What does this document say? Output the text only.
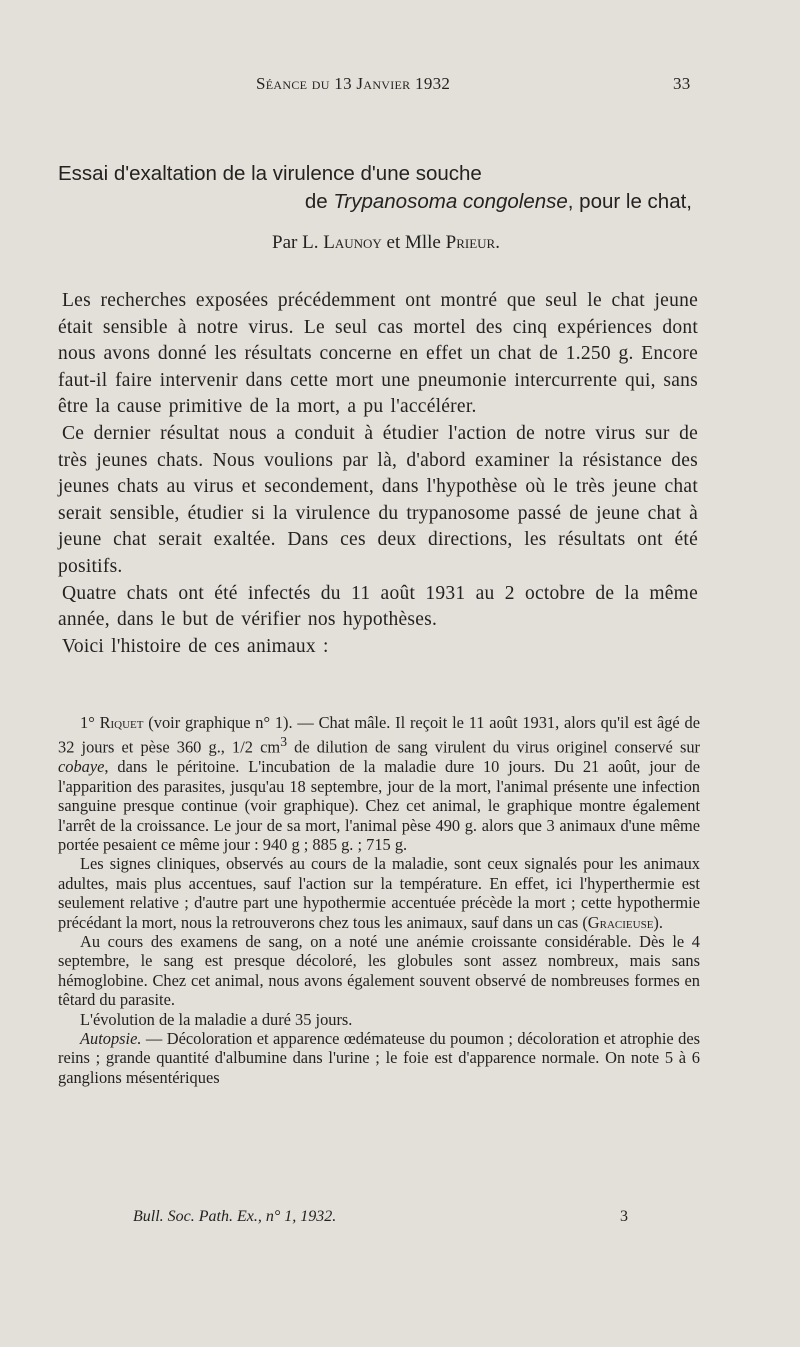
Séance du 13 Janvier 1932	33
Essai d'exaltation de la virulence d'une souche
de Trypanosoma congolense, pour le chat,
Par L. Launoy et Mlle Prieur.

Les recherches exposées précédemment ont montré que seul le chat jeune était sensible à notre virus. Le seul cas mortel des cinq expériences dont nous avons donné les résultats concerne en effet un chat de 1.250 g. Encore faut-il faire intervenir dans cette mort une pneumonie intercurrente qui, sans être la cause primitive de la mort, a pu l'accélérer.

Ce dernier résultat nous a conduit à étudier l'action de notre virus sur de très jeunes chats. Nous voulions par là, d'abord examiner la résistance des jeunes chats au virus et secondement, dans l'hypothèse où le très jeune chat serait sensible, étudier si la virulence du trypanosome passé de jeune chat à jeune chat serait exaltée. Dans ces deux directions, les résultats ont été positifs.

Quatre chats ont été infectés du 11 août 1931 au 2 octobre de la même année, dans le but de vérifier nos hypothèses.

Voici l'histoire de ces animaux :

1° Riquet (voir graphique n° 1). — Chat mâle. Il reçoit le 11 août 1931, alors qu'il est âgé de 32 jours et pèse 360 g., 1/2 $cm^3$ de dilution de sang virulent du virus originel conservé sur cobaye, dans le péritoine. L'incubation de la maladie dure 10 jours. Du 21 août, jour de l'apparition des parasites, jusqu'au 18 septembre, jour de la mort, l'animal présente une infection sanguine presque continue (voir graphique). Chez cet animal, le graphique montre également l'arrêt de la croissance. Le jour de sa mort, l'animal pèse 490 g. alors que 3 animaux d'une même portée pesaient ce même jour : 940 g ; 885 g. ; 715 g.

Les signes cliniques, observés au cours de la maladie, sont ceux signalés pour les animaux adultes, mais plus accentues, sauf l'action sur la température. En effet, ici l'hyperthermie est seulement relative ; d'autre part une hypothermie accentuée précède la mort ; cette hypothermie précédant la mort, nous la retrouverons chez tous les animaux, sauf dans un cas (Gracieuse).

Au cours des examens de sang, on a noté une anémie croissante considérable. Dès le 4 septembre, le sang est presque décoloré, les globules sont assez nombreux, mais sans hémoglobine. Chez cet animal, nous avons également souvent observé de nombreuses formes en têtard du parasite.

L'évolution de la maladie a duré 35 jours.

Autopsie. — Décoloration et apparence œdémateuse du poumon ; décoloration et atrophie des reins ; grande quantité d'albumine dans l'urine ; le foie est d'apparence normale. On note 5 à 6 ganglions mésentériques

Bull. Soc. Path. Ex., n° 1, 1932.	3
